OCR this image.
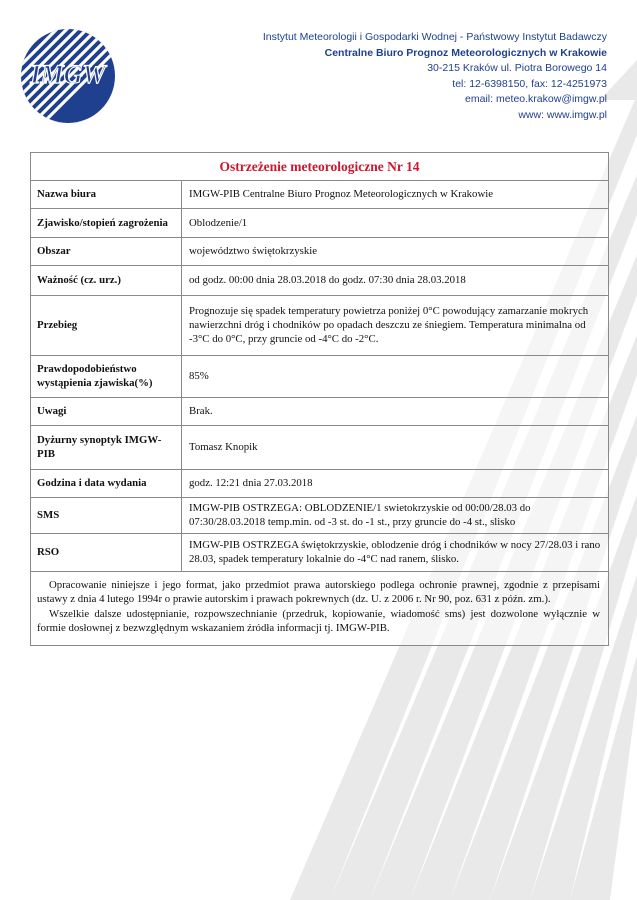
IMGW
Instytut Meteorologii i Gospodarki Wodnej - Państwowy Instytut Badawczy
Centralne Biuro Prognoz Meteorologicznych w Krakowie
30-215 Kraków ul. Piotra Borowego 14
tel: 12-6398150, fax: 12-4251973
email: meteo.krakow@imgw.pl
www: www.imgw.pl
Ostrzeżenie meteorologiczne Nr 14
Nazwa biura	IMGW-PIB Centralne Biuro Prognoz Meteorologicznych w Krakowie
Zjawisko/stopień zagrożenia	Oblodzenie/1
Obszar	województwo świętokrzyskie
Ważność (cz. urz.)	od godz. 00:00 dnia 28.03.2018 do godz. 07:30 dnia 28.03.2018
Przebieg	Prognozuje się spadek temperatury powietrza poniżej 0°C powodujący zamarzanie mokrych nawierzchni dróg i chodników po opadach deszczu ze śniegiem. Temperatura minimalna od -3°C do 0°C, przy gruncie od -4°C do -2°C.
Prawdopodobieństwo wystąpienia zjawiska(%)	85%
Uwagi	Brak.
Dyżurny synoptyk IMGW-PIB	Tomasz Knopik
Godzina i data wydania	godz. 12:21 dnia 27.03.2018
SMS	IMGW-PIB OSTRZEGA: OBLODZENIE/1 swietokrzyskie od 00:00/28.03 do 07:30/28.03.2018 temp.min. od -3 st. do -1 st., przy gruncie do -4 st., slisko
RSO	IMGW-PIB OSTRZEGA świętokrzyskie, oblodzenie dróg i chodników w nocy 27/28.03 i rano 28.03, spadek temperatury lokalnie do -4°C nad ranem, ślisko.

Opracowanie niniejsze i jego format, jako przedmiot prawa autorskiego podlega ochronie prawnej, zgodnie z przepisami ustawy z dnia 4 lutego 1994r o prawie autorskim i prawach pokrewnych (dz. U. z 2006 r. Nr 90, poz. 631 z późn. zm.).

Wszelkie dalsze udostępnianie, rozpowszechnianie (przedruk, kopiowanie, wiadomość sms) jest dozwolone wyłącznie w formie dosłownej z bezwzględnym wskazaniem źródła informacji tj. IMGW-PIB.
